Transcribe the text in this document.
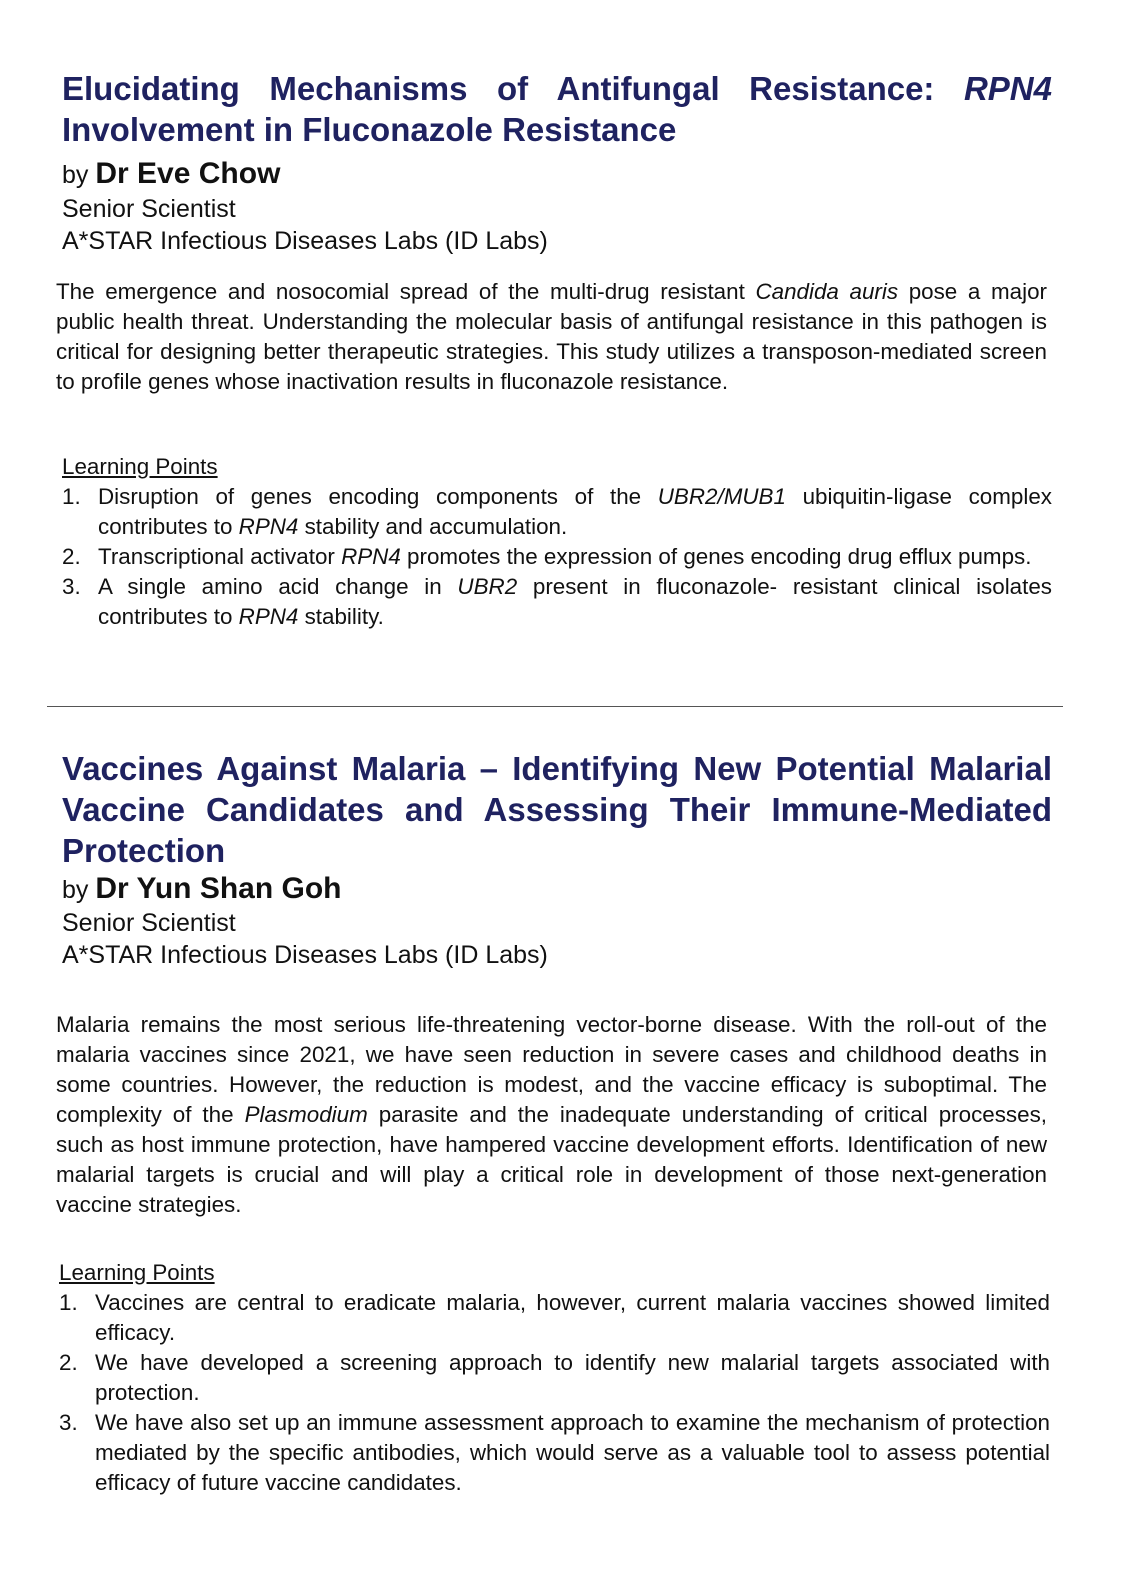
Elucidating Mechanisms of Antifungal Resistance: RPN4 Involvement in Fluconazole Resistance

by Dr Eve Chow

Senior Scientist

A*STAR Infectious Diseases Labs (ID Labs)

The emergence and nosocomial spread of the multi-drug resistant Candida auris pose a major public health threat. Understanding the molecular basis of antifungal resistance in this pathogen is critical for designing better therapeutic strategies. This study utilizes a transposon-mediated screen to profile genes whose inactivation results in fluconazole resistance.

Learning Points

1. Disruption of genes encoding components of the UBR2/MUB1 ubiquitin-ligase complex contributes to RPN4 stability and accumulation.
2. Transcriptional activator RPN4 promotes the expression of genes encoding drug efflux pumps.
3. A single amino acid change in UBR2 present in fluconazole- resistant clinical isolates contributes to RPN4 stability.
Vaccines Against Malaria – Identifying New Potential Malarial Vaccine Candidates and Assessing Their Immune-Mediated Protection

by Dr Yun Shan Goh

Senior Scientist

A*STAR Infectious Diseases Labs (ID Labs)

Malaria remains the most serious life-threatening vector-borne disease. With the roll-out of the malaria vaccines since 2021, we have seen reduction in severe cases and childhood deaths in some countries. However, the reduction is modest, and the vaccine efficacy is suboptimal. The complexity of the Plasmodium parasite and the inadequate understanding of critical processes, such as host immune protection, have hampered vaccine development efforts. Identification of new malarial targets is crucial and will play a critical role in development of those next-generation vaccine strategies.

Learning Points

1. Vaccines are central to eradicate malaria, however, current malaria vaccines showed limited efficacy.
2. We have developed a screening approach to identify new malarial targets associated with protection.
3. We have also set up an immune assessment approach to examine the mechanism of protection mediated by the specific antibodies, which would serve as a valuable tool to assess potential efficacy of future vaccine candidates.
